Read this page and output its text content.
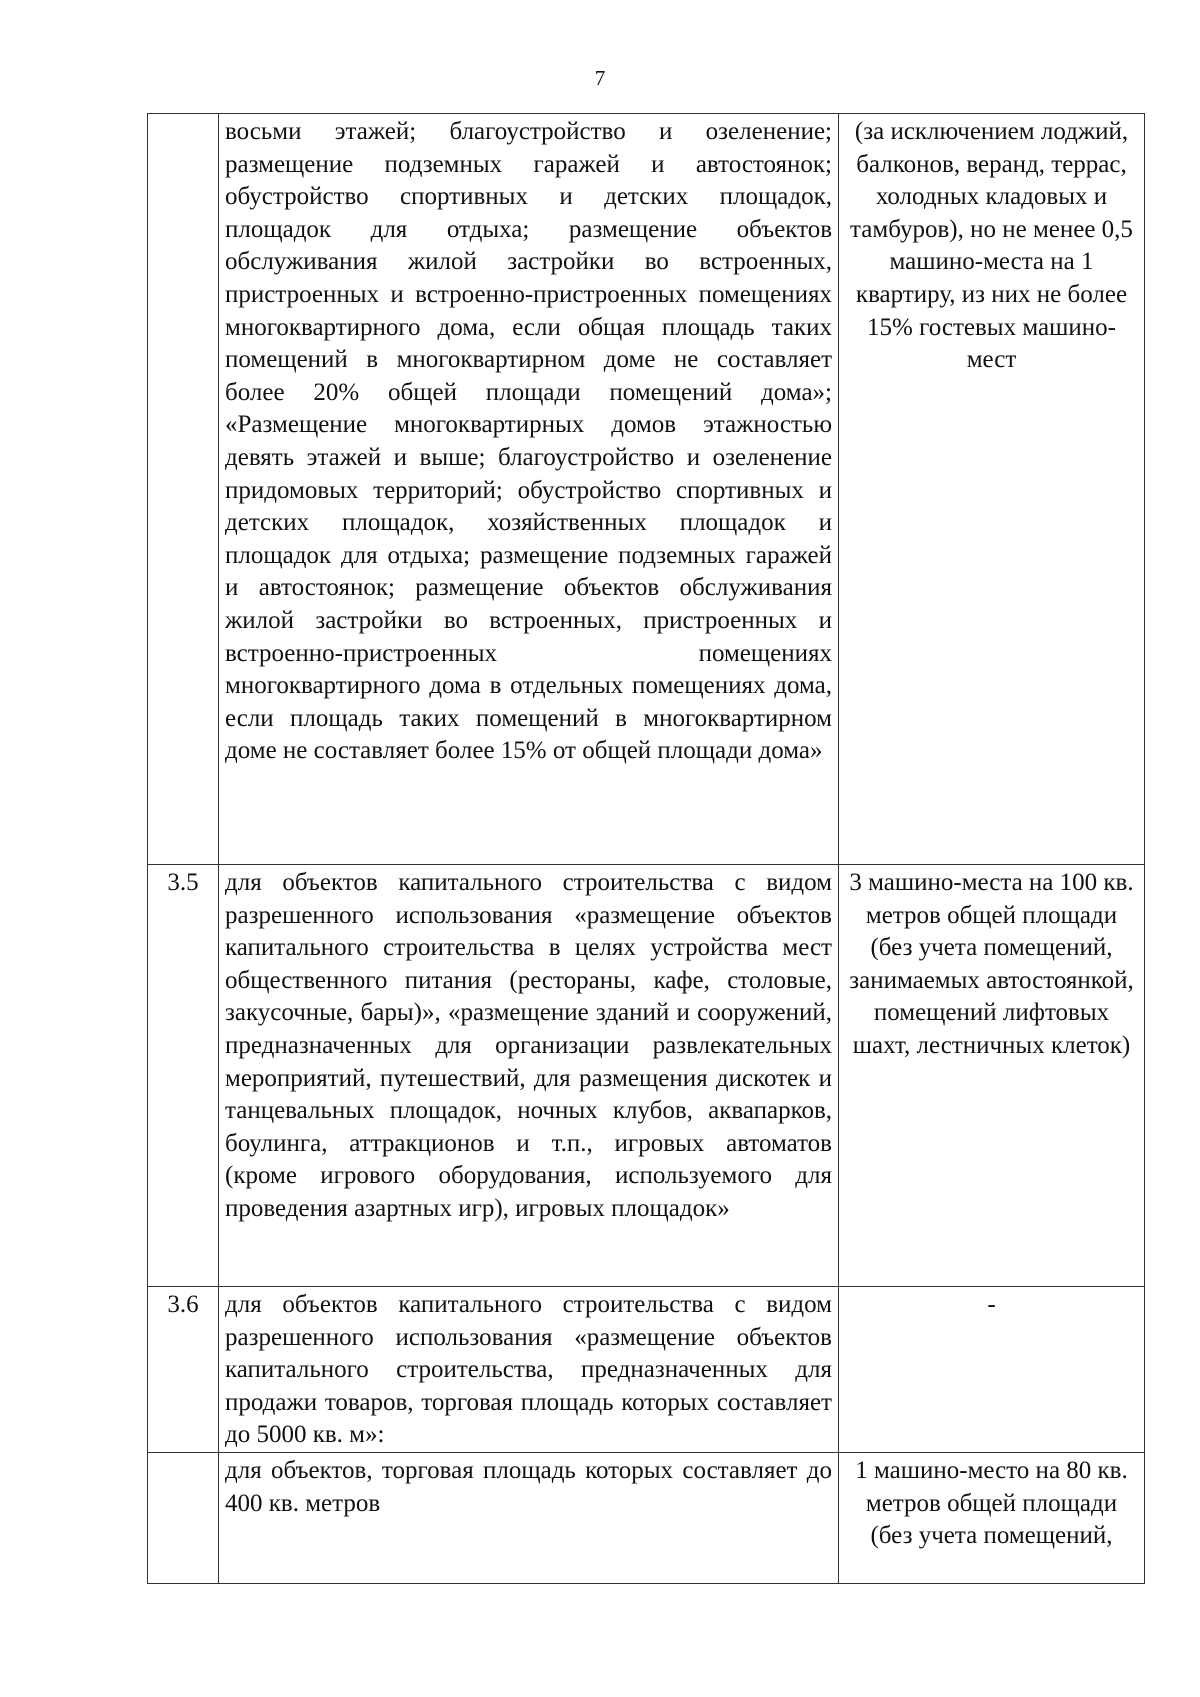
7
	восьми этажей; благоустройство и озеленение; размещение подземных гаражей и автостоянок; обустройство спортивных и детских площадок, площадок для отдыха; размещение объектов обслуживания жилой застройки во встроенных, пристроенных и встроенно-пристроенных помещениях многоквартирного дома, если общая площадь таких помещений в многоквартирном доме не составляет более 20% общей площади помещений дома»; «Размещение многоквартирных домов этажностью девять этажей и выше; благоустройство и озеленение придомовых территорий; обустройство спортивных и детских площадок, хозяйственных площадок и площадок для отдыха; размещение подземных гаражей и автостоянок; размещение объектов обслуживания жилой застройки во встроенных, пристроенных и встроенно-пристроенных помещениях многоквартирного дома в отдельных помещениях дома, если площадь таких помещений в многоквартирном доме не составляет более 15% от общей площади дома»	(за исключением лоджий, балконов, веранд, террас, холодных кладовых и тамбуров), но не менее 0,5 машино-места на 1 квартиру, из них не более 15% гостевых машино-мест
3.5	для объектов капитального строительства с видом разрешенного использования «размещение объектов капитального строительства в целях устройства мест общественного питания (рестораны, кафе, столовые, закусочные, бары)», «размещение зданий и сооружений, предназначенных для организации развлекательных мероприятий, путешествий, для размещения дискотек и танцевальных площадок, ночных клубов, аквапарков, боулинга, аттракционов и т.п., игровых автоматов (кроме игрового оборудования, используемого для проведения азартных игр), игровых площадок»	3 машино-места на 100 кв. метров общей площади (без учета помещений, занимаемых автостоянкой, помещений лифтовых шахт, лестничных клеток)
3.6	для объектов капитального строительства с видом разрешенного использования «размещение объектов капитального строительства, предназначенных для продажи товаров, торговая площадь которых составляет до 5000 кв. м»:	-
	для объектов, торговая площадь которых составляет до 400 кв. метров	1 машино-место на 80 кв. метров общей площади (без учета помещений,
